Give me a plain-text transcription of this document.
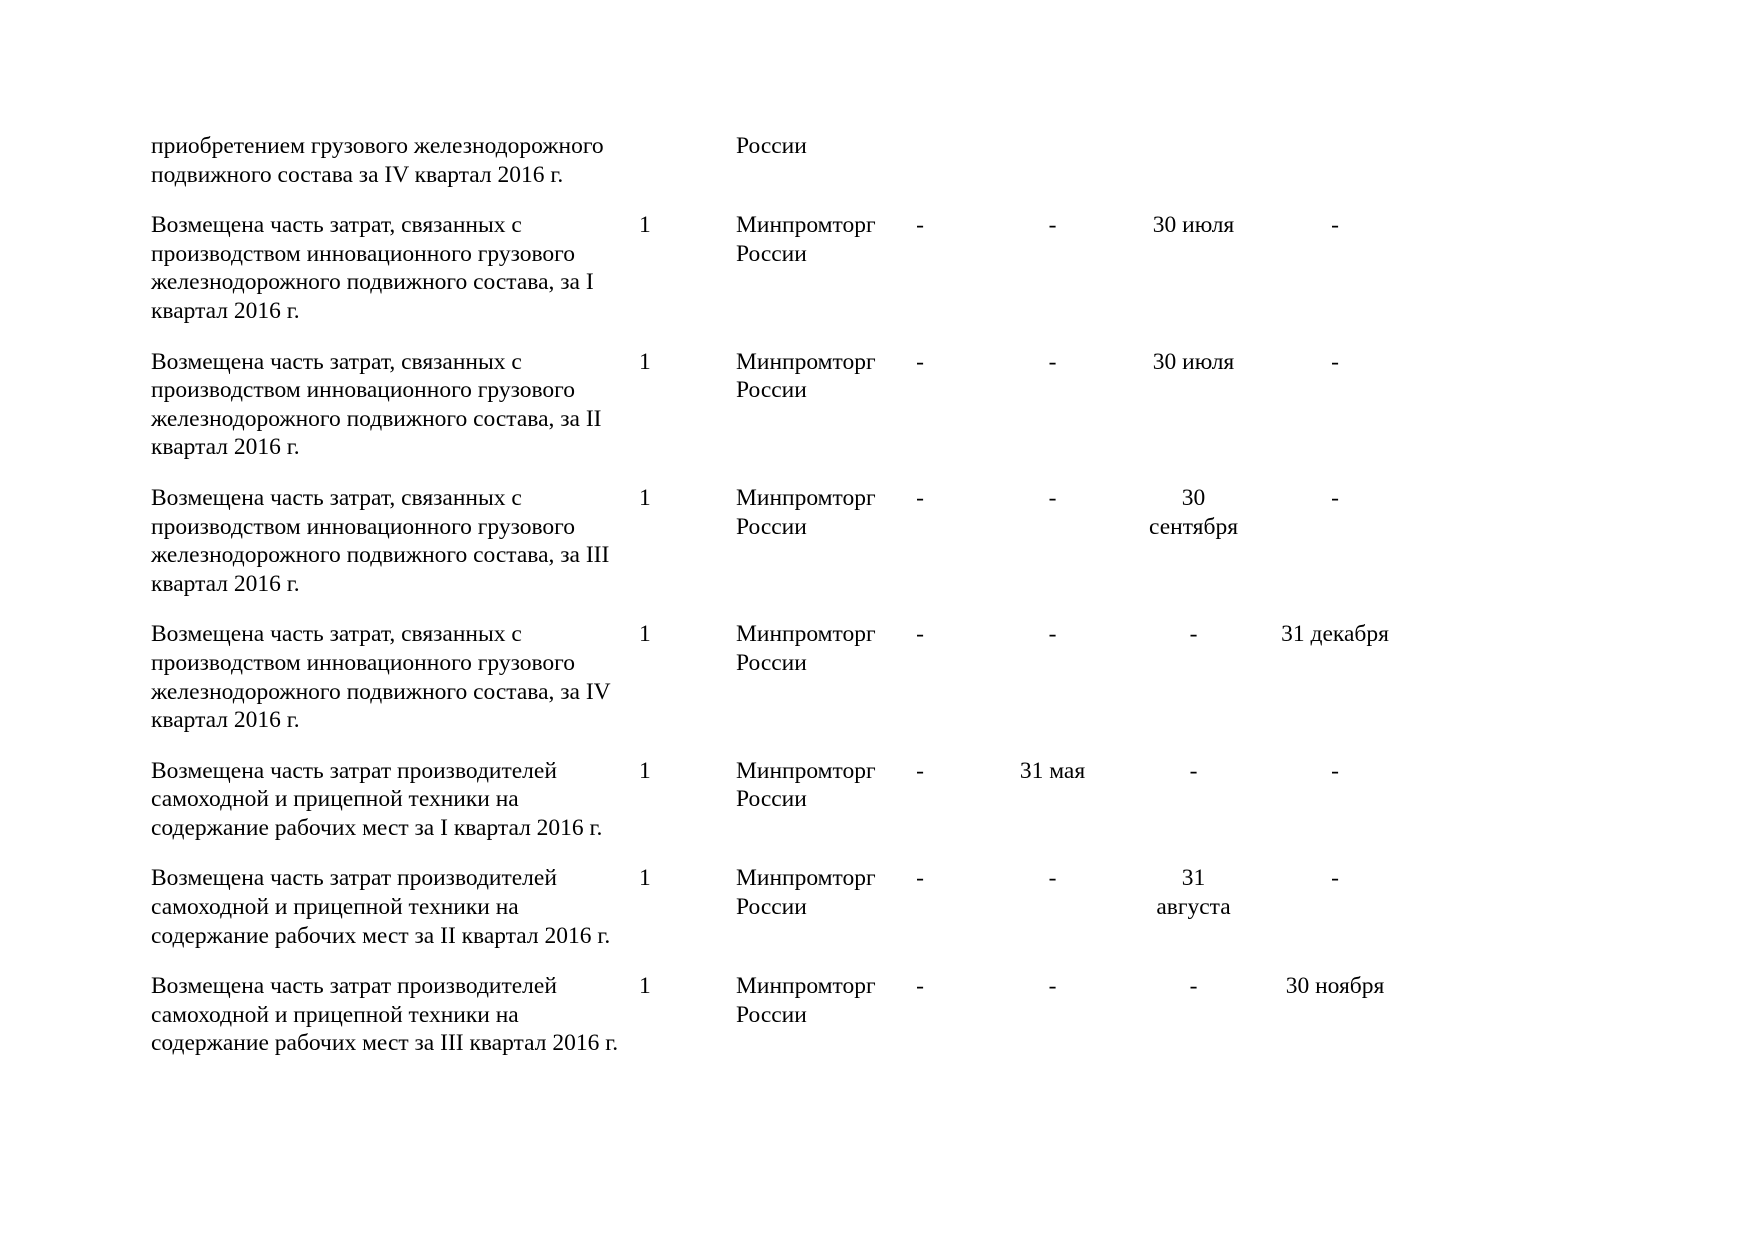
приобретением грузового железнодорожного подвижного состава за IV квартал 2016 г.		России				
Возмещена часть затрат, связанных с производством инновационного грузового железнодорожного подвижного состава, за I квартал 2016 г.	1	Минпромторг России	-	-	30 июля	-
Возмещена часть затрат, связанных с производством инновационного грузового железнодорожного подвижного состава, за II квартал 2016 г.	1	Минпромторг России	-	-	30 июля	-
Возмещена часть затрат, связанных с производством инновационного грузового железнодорожного подвижного состава, за III квартал 2016 г.	1	Минпромторг России	-	-	30 сентября	-
Возмещена часть затрат, связанных с производством инновационного грузового железнодорожного подвижного состава, за IV квартал 2016 г.	1	Минпромторг России	-	-	-	31 декабря
Возмещена часть затрат производителей самоходной и прицепной техники на содержание рабочих мест за I квартал 2016 г.	1	Минпромторг России	-	31 мая	-	-
Возмещена часть затрат производителей самоходной и прицепной техники на содержание рабочих мест за II квартал 2016 г.	1	Минпромторг России	-	-	31 августа	-
Возмещена часть затрат производителей самоходной и прицепной техники на содержание рабочих мест за III квартал 2016 г.	1	Минпромторг России	-	-	-	30 ноября
